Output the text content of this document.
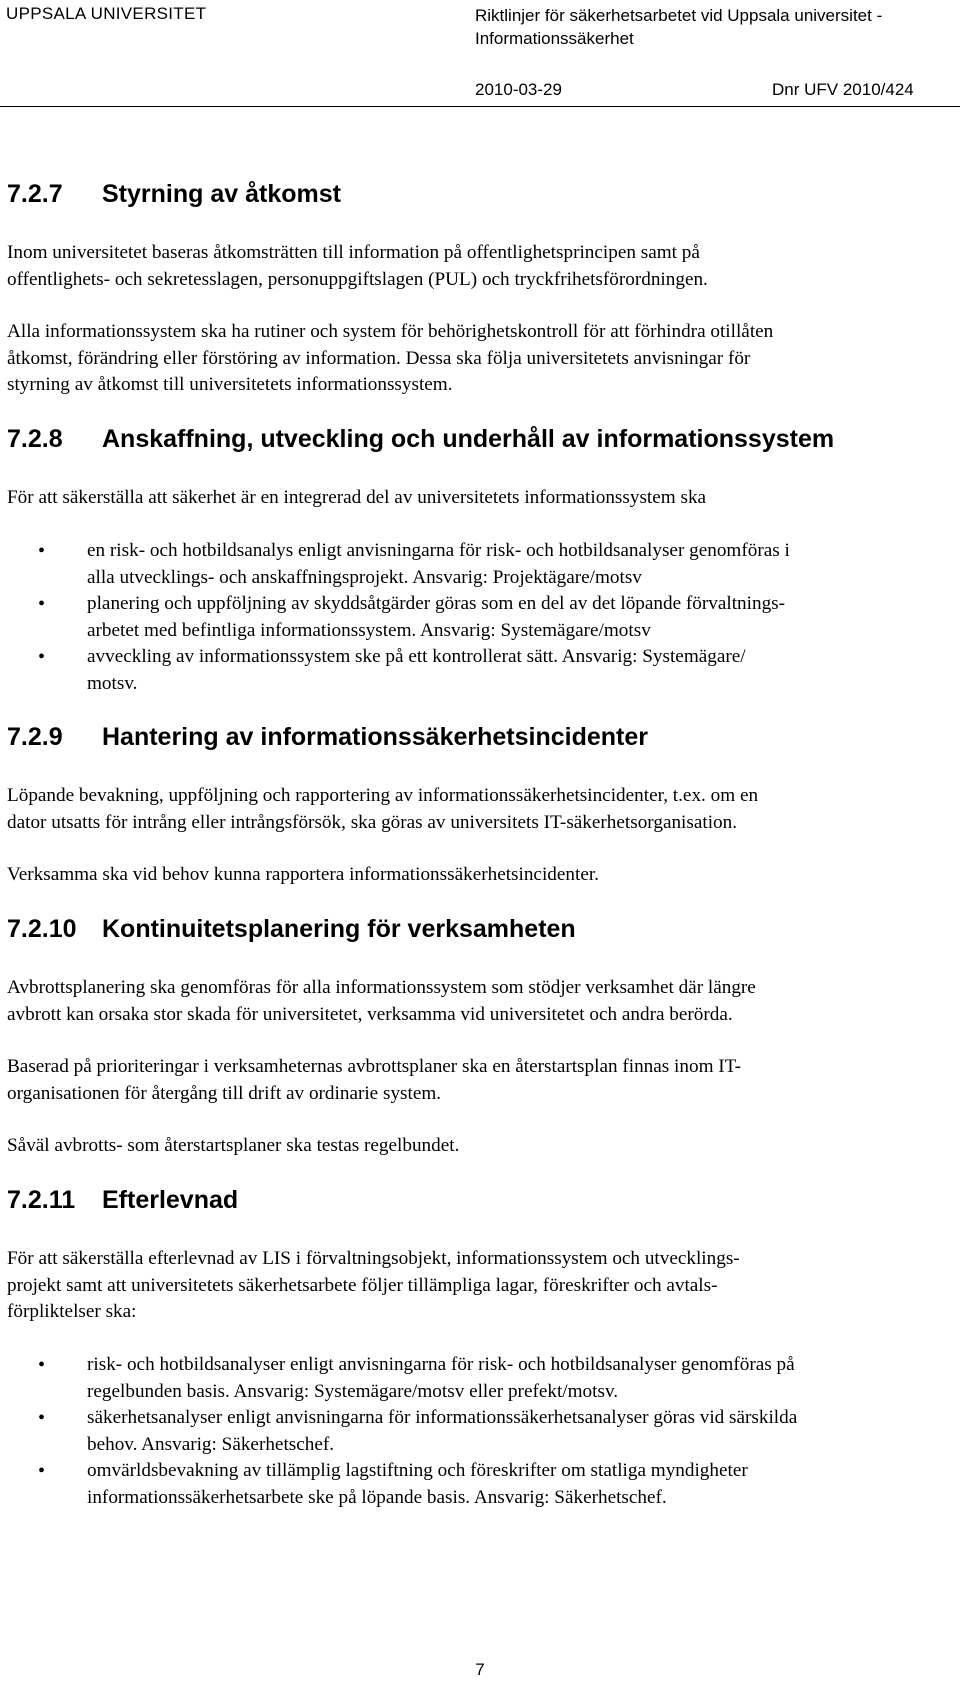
UPPSALA UNIVERSITET	Riktlinjer för säkerhetsarbetet vid Uppsala universitet -
Informationssäkerhet
2010-03-29	Dnr UFV 2010/424
7.2.7 Styrning av åtkomst
Inom universitetet baseras åtkomsträtten till information på offentlighetsprincipen samt på
offentlighets- och sekretesslagen, personuppgiftslagen (PUL) och tryckfrihetsförordningen.
Alla informationssystem ska ha rutiner och system för behörighetskontroll för att förhindra otillåten
åtkomst, förändring eller förstöring av information. Dessa ska följa universitetets anvisningar för
styrning av åtkomst till universitetets informationssystem.
7.2.8 Anskaffning, utveckling och underhåll av informationssystem
För att säkerställa att säkerhet är en integrerad del av universitetets informationssystem ska
• en risk- och hotbildsanalys enligt anvisningarna för risk- och hotbildsanalyser genomföras i
alla utvecklings- och anskaffningsprojekt. Ansvarig: Projektägare/motsv
• planering och uppföljning av skyddsåtgärder göras som en del av det löpande förvaltnings-
arbetet med befintliga informationssystem. Ansvarig: Systemägare/motsv
• avveckling av informationssystem ske på ett kontrollerat sätt. Ansvarig: Systemägare/
motsv.
7.2.9 Hantering av informationssäkerhetsincidenter
Löpande bevakning, uppföljning och rapportering av informationssäkerhetsincidenter, t.ex. om en
dator utsatts för intrång eller intrångsförsök, ska göras av universitets IT-säkerhetsorganisation.
Verksamma ska vid behov kunna rapportera informationssäkerhetsincidenter.
7.2.10 Kontinuitetsplanering för verksamheten
Avbrottsplanering ska genomföras för alla informationssystem som stödjer verksamhet där längre
avbrott kan orsaka stor skada för universitetet, verksamma vid universitetet och andra berörda.
Baserad på prioriteringar i verksamheternas avbrottsplaner ska en återstartsplan finnas inom IT-
organisationen för återgång till drift av ordinarie system.
Såväl avbrotts- som återstartsplaner ska testas regelbundet.
7.2.11 Efterlevnad
För att säkerställa efterlevnad av LIS i förvaltningsobjekt, informationssystem och utvecklings-
projekt samt att universitetets säkerhetsarbete följer tillämpliga lagar, föreskrifter och avtals-
förpliktelser ska:
• risk- och hotbildsanalyser enligt anvisningarna för risk- och hotbildsanalyser genomföras på
regelbunden basis. Ansvarig: Systemägare/motsv eller prefekt/motsv.
• säkerhetsanalyser enligt anvisningarna för informationssäkerhetsanalyser göras vid särskilda
behov. Ansvarig: Säkerhetschef.
• omvärldsbevakning av tillämplig lagstiftning och föreskrifter om statliga myndigheter
informationssäkerhetsarbete ske på löpande basis. Ansvarig: Säkerhetschef.
7
